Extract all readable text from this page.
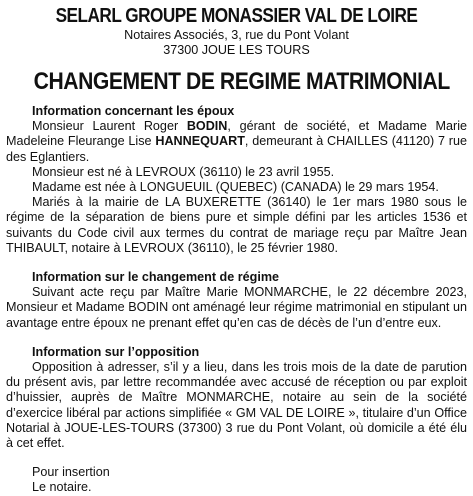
SELARL GROUPE MONASSIER VAL DE LOIRE
Notaires Associés, 3, rue du Pont Volant
37300 JOUE LES TOURS
CHANGEMENT DE REGIME MATRIMONIAL
Information concernant les époux
Monsieur Laurent Roger BODIN, gérant de société, et Madame Marie Madeleine Fleurange Lise HANNEQUART, demeurant à CHAILLES (41120) 7 rue des Eglantiers.
Monsieur est né à LEVROUX (36110) le 23 avril 1955.
Madame est née à LONGUEUIL (QUEBEC) (CANADA) le 29 mars 1954.
Mariés à la mairie de LA BUXERETTE (36140) le 1er mars 1980 sous le régime de la séparation de biens pure et simple défini par les articles 1536 et suivants du Code civil aux termes du contrat de mariage reçu par Maître Jean THIBAULT, notaire à LEVROUX (36110), le 25 février 1980.
Information sur le changement de régime
Suivant acte reçu par Maître Marie MONMARCHE, le 22 décembre 2023, Monsieur et Madame BODIN ont aménagé leur régime matrimonial en stipulant un avantage entre époux ne prenant effet qu’en cas de décès de l’un d’entre eux.
Information sur l’opposition
Opposition à adresser, s’il y a lieu, dans les trois mois de la date de parution du présent avis, par lettre recommandée avec accusé de réception ou par exploit d’huissier, auprès de Maître MONMARCHE, notaire au sein de la société d’exercice libéral par actions simplifiée « GM VAL DE LOIRE », titulaire d’un Office Notarial à JOUE-LES-TOURS (37300) 3 rue du Pont Volant, où domicile a été élu à cet effet.
Pour insertion
Le notaire.
